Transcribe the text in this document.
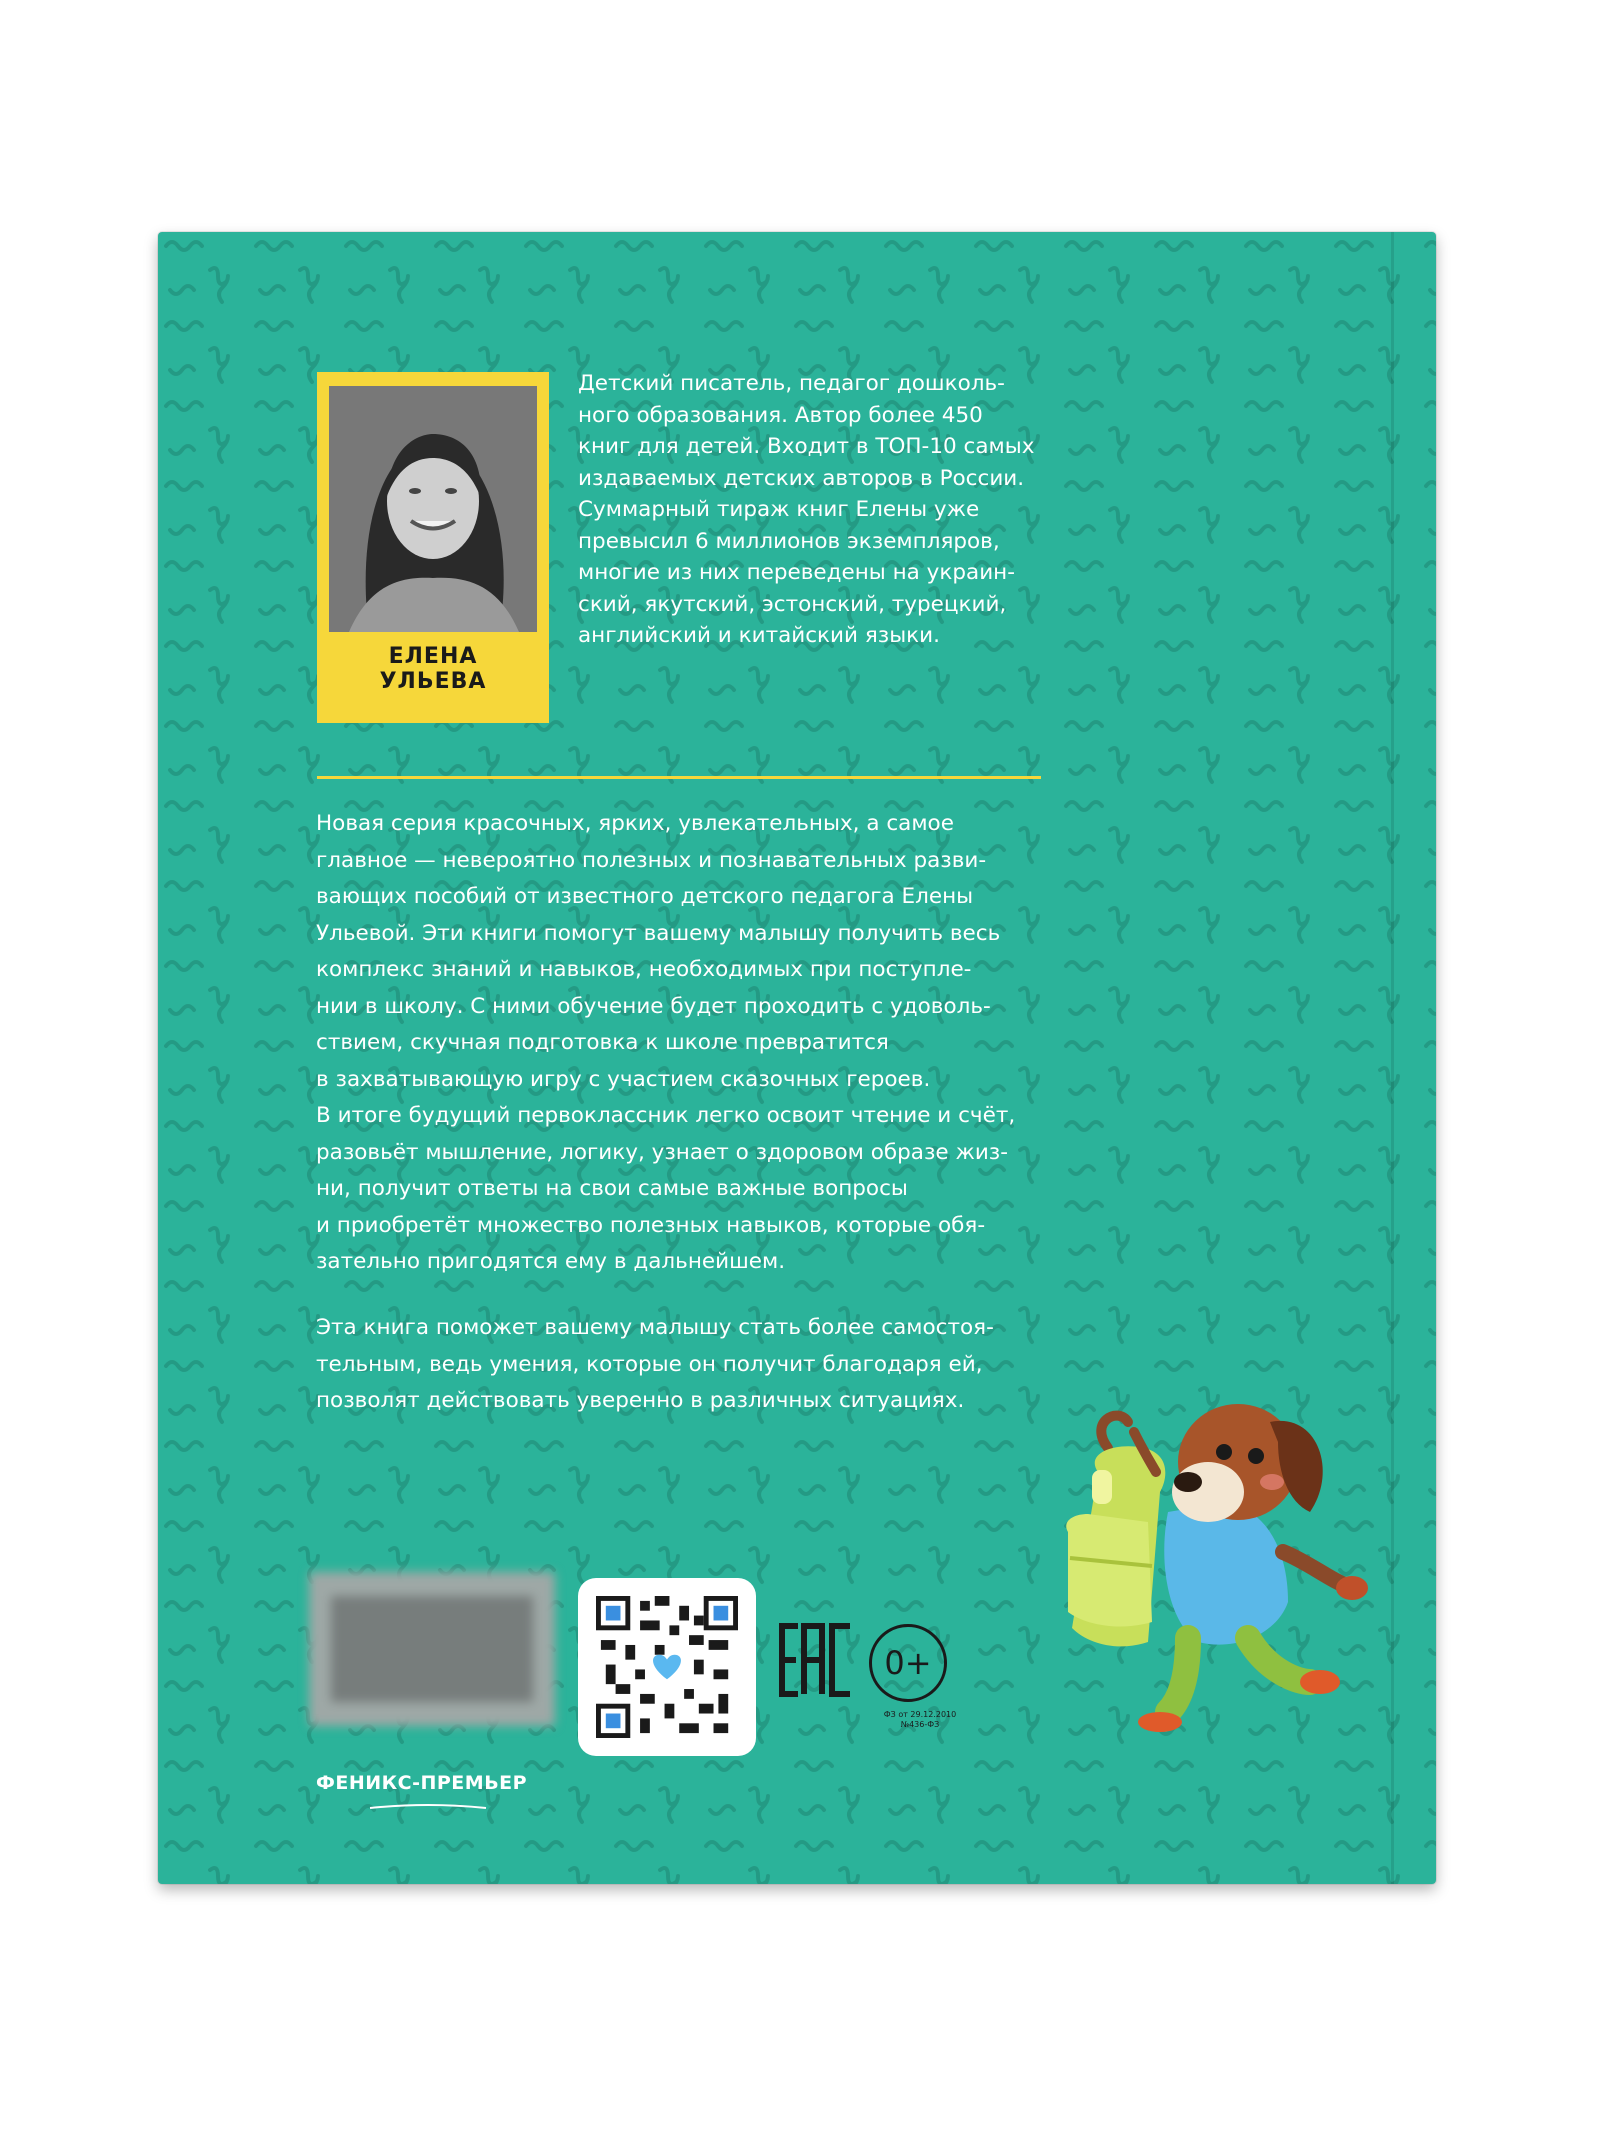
ЕЛЕНА
УЛЬЕВА
Детский писатель, педагог дошколь-
ного образования. Автор более 450
книг для детей. Входит в ТОП-10 самых
издаваемых детских авторов в России.
Суммарный тираж книг Елены уже
превысил 6 миллионов экземпляров,
многие из них переведены на украин-
ский, якутский, эстонский, турецкий,
английский и китайский языки.
Новая серия красочных, ярких, увлекательных, а самое
главное — невероятно полезных и познавательных разви-
вающих пособий от известного детского педагога Елены
Ульевой. Эти книги помогут вашему малышу получить весь
комплекс знаний и навыков, необходимых при поступле-
нии в школу. С ними обучение будет проходить с удоволь-
ствием, скучная подготовка к школе превратится
в захватывающую игру с участием сказочных героев.
В итоге будущий первоклассник легко освоит чтение и счёт,
разовьёт мышление, логику, узнает о здоровом образе жиз-
ни, получит ответы на свои самые важные вопросы
и приобретёт множество полезных навыков, которые обя-
зательно пригодятся ему в дальнейшем.
Эта книга поможет вашему малышу стать более самостоя-
тельным, ведь умения, которые он получит благодаря ей,
позволят действовать уверенно в различных ситуациях.
0+
ФЗ от 29.12.2010
№436-ФЗ
ФЕНИКС-ПРЕМЬЕР
